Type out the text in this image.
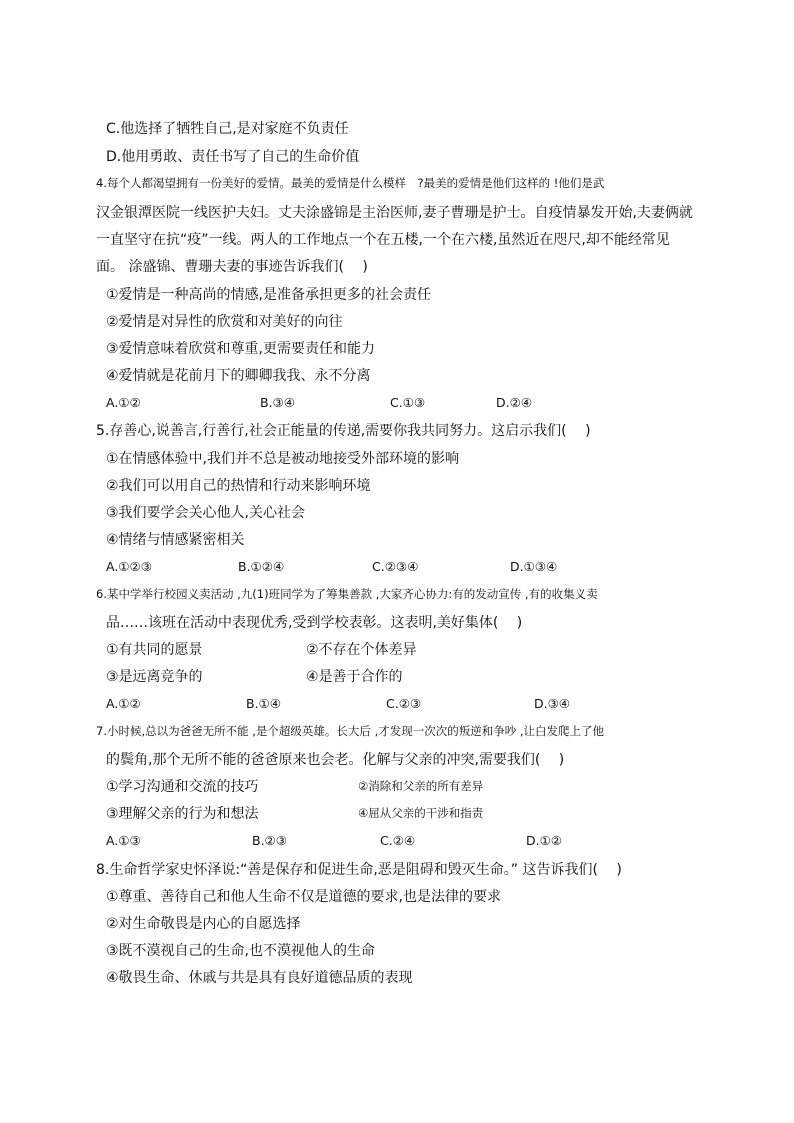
C.他选择了牺牲自己,是对家庭不负责任
D.他用勇敢、责任书写了自己的生命价值
4.每个人都渴望拥有一份美好的爱情。最美的爱情是什么模样　?最美的爱情是他们这样的 !他们是武
汉金银潭医院一线医护夫妇。丈夫涂盛锦是主治医师,妻子曹珊是护士。自疫情暴发开始,夫妻俩就
一直坚守在抗“疫”一线。两人的工作地点一个在五楼,一个在六楼,虽然近在咫尺,却不能经常见
面。 涂盛锦、曹珊夫妻的事迹告诉我们(　 )
①爱情是一种高尚的情感,是准备承担更多的社会责任
②爱情是对异性的欣赏和对美好的向往
③爱情意味着欣赏和尊重,更需要责任和能力
④爱情就是花前月下的卿卿我我、永不分离
A.①②	B.③④	C.①③	D.②④
5.存善心,说善言,行善行,社会正能量的传递,需要你我共同努力。这启示我们(　 )
①在情感体验中,我们并不总是被动地接受外部环境的影响
②我们可以用自己的热情和行动来影响环境
③我们要学会关心他人,关心社会
④情绪与情感紧密相关
A.①②③	B.①②④	C.②③④	D.①③④
6.某中学举行校园义卖活动 ,九(1)班同学为了筹集善款 ,大家齐心协力:有的发动宣传 ,有的收集义卖
品……该班在活动中表现优秀,受到学校表彰。这表明,美好集体(　 )
①有共同的愿景	②不存在个体差异
③是远离竞争的	④是善于合作的
A.①②	B.①④	C.②③	D.③④
7.小时候,总以为爸爸无所不能 ,是个超级英雄。长大后 ,才发现一次次的叛逆和争吵 ,让白发爬上了他
的鬓角,那个无所不能的爸爸原来也会老。化解与父亲的冲突,需要我们(　 )
①学习沟通和交流的技巧	②消除和父亲的所有差异
③理解父亲的行为和想法	④屈从父亲的干涉和指责
A.①③	B.②③	C.②④	D.①②
8.生命哲学家史怀泽说:“善是保存和促进生命,恶是阻碍和毁灭生命。” 这告诉我们(　 )
①尊重、善待自己和他人生命不仅是道德的要求,也是法律的要求
②对生命敬畏是内心的自愿选择
③既不漠视自己的生命,也不漠视他人的生命
④敬畏生命、休戚与共是具有良好道德品质的表现
